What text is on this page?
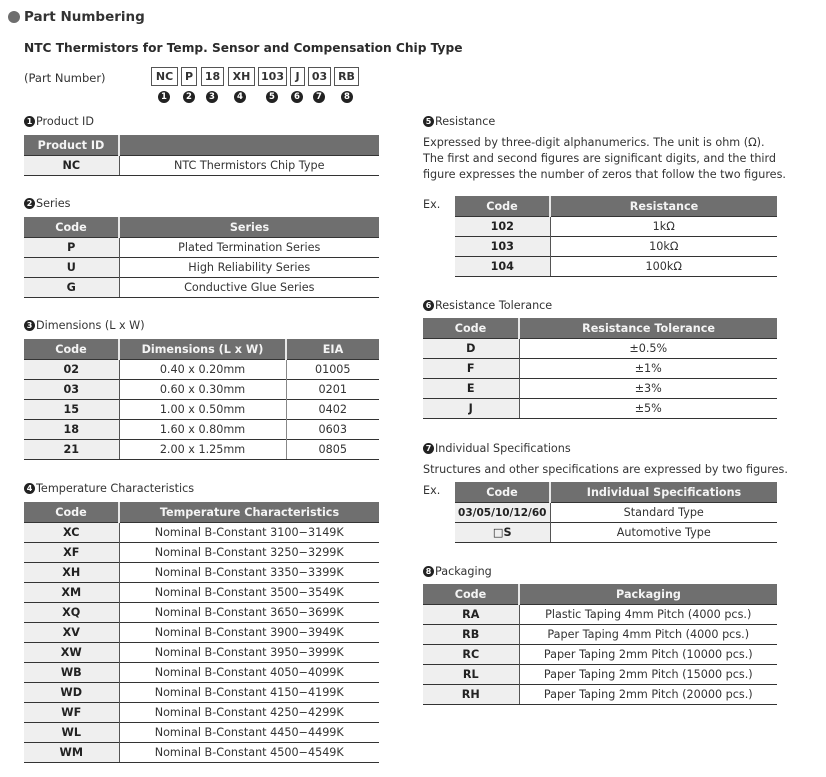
Part Numbering
NTC Thermistors for Temp. Sensor and Compensation Chip Type
(Part Number)	NC	P	18	XH 103	J	03 RB
1	2	3	4	5	6	7	8
1 Product ID
Product ID	
NC	NTC Thermistors Chip Type
2 Series
Code	Series
P	Plated Termination Series
U	High Reliability Series
G	Conductive Glue Series
3 Dimensions (L x W)
Code	Dimensions (L x W)	EIA
02	0.40 x 0.20mm	01005
03	0.60 x 0.30mm	0201
15	1.00 x 0.50mm	0402
18	1.60 x 0.80mm	0603
21	2.00 x 1.25mm	0805
4 Temperature Characteristics
Code	Temperature Characteristics
XC	Nominal B-Constant 3100−3149K
XF	Nominal B-Constant 3250−3299K
XH	Nominal B-Constant 3350−3399K
XM	Nominal B-Constant 3500−3549K
XQ	Nominal B-Constant 3650−3699K
XV	Nominal B-Constant 3900−3949K
XW	Nominal B-Constant 3950−3999K
WB	Nominal B-Constant 4050−4099K
WD	Nominal B-Constant 4150−4199K
WF	Nominal B-Constant 4250−4299K
WL	Nominal B-Constant 4450−4499K
WM	Nominal B-Constant 4500−4549K
5 Resistance
Expressed by three-digit alphanumerics. The unit is ohm (Ω).
The first and second figures are significant digits, and the third
figure expresses the number of zeros that follow the two figures.
Ex.	Code	Resistance
102	1kΩ
103	10kΩ
104	100kΩ
6 Resistance Tolerance
Code	Resistance Tolerance
D	±0.5%
F	±1%
E	±3%
J	±5%
7 Individual Specifications
Structures and other specifications are expressed by two figures.
Ex.	Code	Individual Specifications
03/05/10/12/60	Standard Type
□S	Automotive Type
8 Packaging
Code	Packaging
RA	Plastic Taping 4mm Pitch (4000 pcs.)
RB	Paper Taping 4mm Pitch (4000 pcs.)
RC	Paper Taping 2mm Pitch (10000 pcs.)
RL	Paper Taping 2mm Pitch (15000 pcs.)
RH	Paper Taping 2mm Pitch (20000 pcs.)
